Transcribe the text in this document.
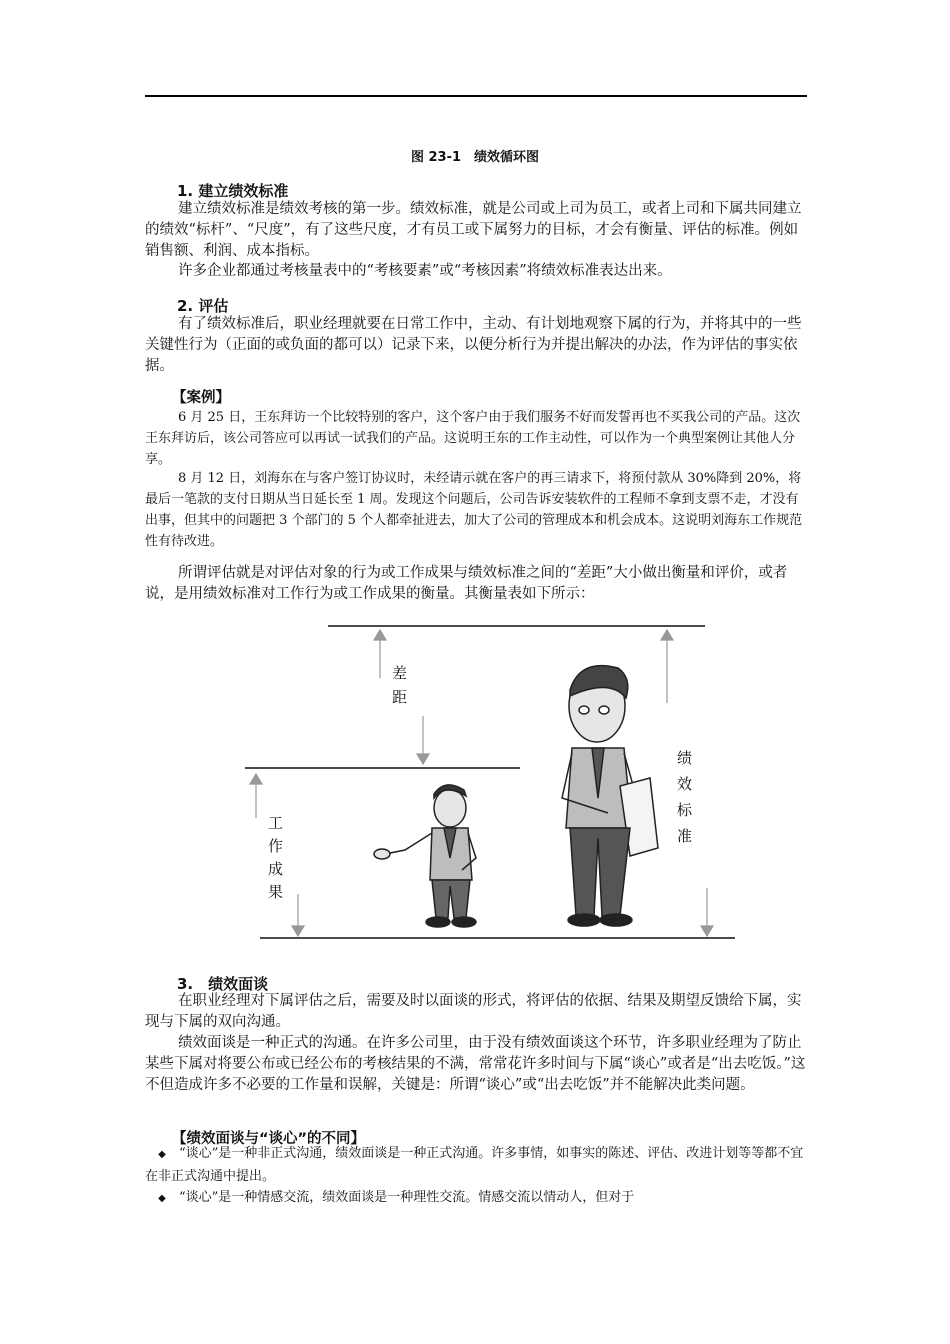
图 23-1　绩效循环图
1. 建立绩效标准

建立绩效标准是绩效考核的第一步。绩效标准，就是公司或上司为员工，或者上司和下属共同建立的绩效“标杆”、“尺度”，有了这些尺度，才有员工或下属努力的目标，才会有衡量、评估的标准。例如销售额、利润、成本指标。

许多企业都通过考核量表中的“考核要素”或“考核因素”将绩效标准表达出来。

2. 评估

有了绩效标准后，职业经理就要在日常工作中，主动、有计划地观察下属的行为，并将其中的一些关键性行为（正面的或负面的都可以）记录下来，以便分析行为并提出解决的办法，作为评估的事实依据。

【案例】

6 月 25 日，王东拜访一个比较特别的客户，这个客户由于我们服务不好而发誓再也不买我公司的产品。这次王东拜访后，该公司答应可以再试一试我们的产品。这说明王东的工作主动性，可以作为一个典型案例让其他人分享。

8 月 12 日，刘海东在与客户签订协议时，未经请示就在客户的再三请求下，将预付款从 30%降到 20%，将最后一笔款的支付日期从当日延长至 1 周。发现这个问题后，公司告诉安装软件的工程师不拿到支票不走，才没有出事，但其中的问题把 3 个部门的 5 个人都牵扯进去，加大了公司的管理成本和机会成本。这说明刘海东工作规范性有待改进。

所谓评估就是对评估对象的行为或工作成果与绩效标准之间的“差距”大小做出衡量和评价，或者说，是用绩效标准对工作行为或工作成果的衡量。其衡量表如下所示：

差
距
工
作
成
果
绩
效
标
准
3.　绩效面谈

在职业经理对下属评估之后，需要及时以面谈的形式，将评估的依据、结果及期望反馈给下属，实现与下属的双向沟通。

绩效面谈是一种正式的沟通。在许多公司里，由于没有绩效面谈这个环节，许多职业经理为了防止某些下属对将要公布或已经公布的考核结果的不满，常常花许多时间与下属“谈心”或者是“出去吃饭。”这不但造成许多不必要的工作量和误解，关键是：所谓“谈心”或“出去吃饭”并不能解决此类问题。

【绩效面谈与“谈心”的不同】

◆ “谈心”是一种非正式沟通，绩效面谈是一种正式沟通。许多事情，如事实的陈述、评估、改进计划等等都不宜在非正式沟通中提出。

◆ “谈心”是一种情感交流，绩效面谈是一种理性交流。情感交流以情动人，但对于
